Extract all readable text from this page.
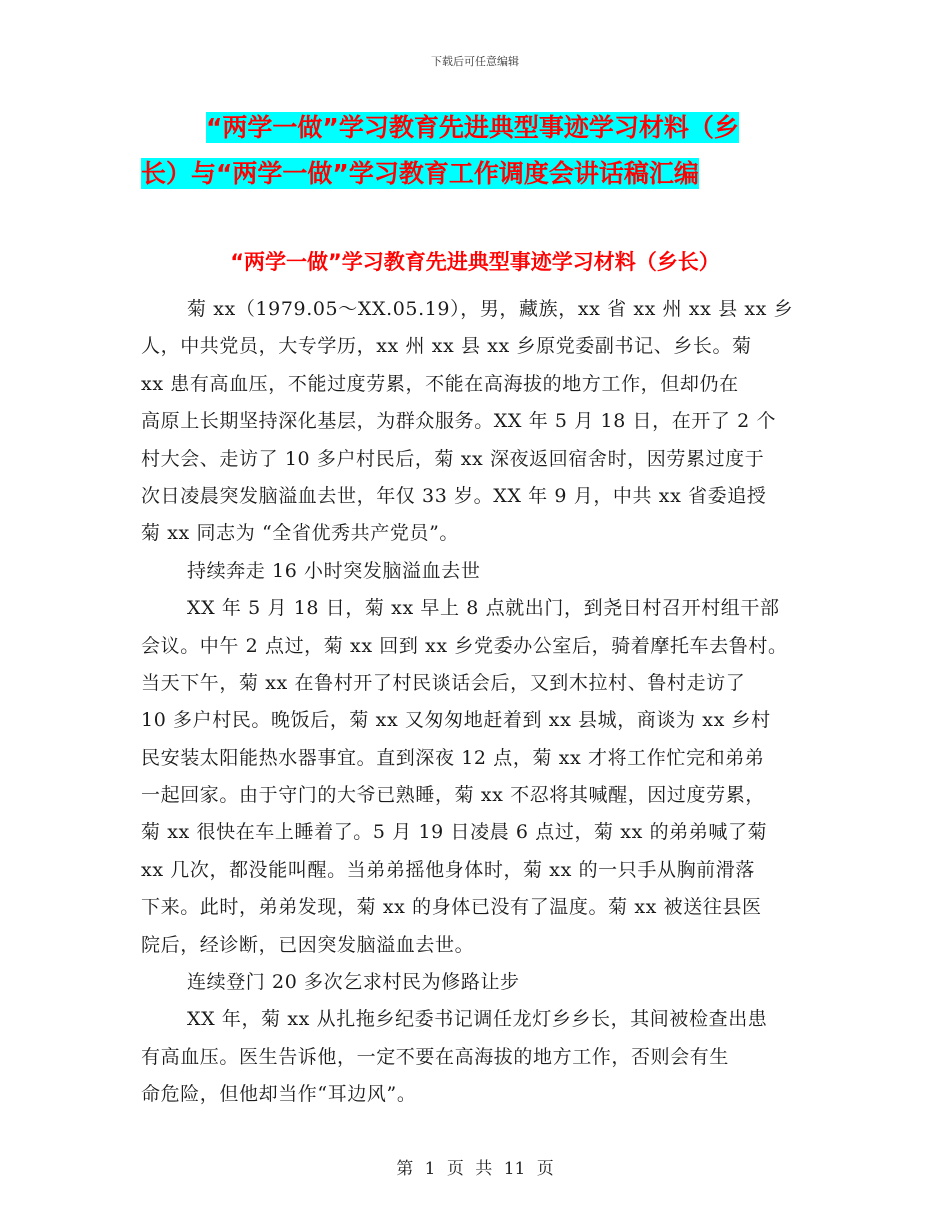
下载后可任意编辑
“两学一做”学习教育先进典型事迹学习材料（乡
长）与“两学一做”学习教育工作调度会讲话稿汇编
“两学一做”学习教育先进典型事迹学习材料（乡长）
菊 xx（1979.05～XX.05.19），男，藏族，xx 省 xx 州 xx 县 xx 乡
人，中共党员，大专学历，xx 州 xx 县 xx 乡原党委副书记、乡长。菊
xx 患有高血压，不能过度劳累，不能在高海拔的地方工作，但却仍在
高原上长期坚持深化基层，为群众服务。XX 年 5 月 18 日，在开了 2 个
村大会、走访了 10 多户村民后，菊 xx 深夜返回宿舍时，因劳累过度于
次日凌晨突发脑溢血去世，年仅 33 岁。XX 年 9 月，中共 xx 省委追授
菊 xx 同志为 “全省优秀共产党员”。
持续奔走 16 小时突发脑溢血去世
XX 年 5 月 18 日，菊 xx 早上 8 点就出门，到尧日村召开村组干部
会议。中午 2 点过，菊 xx 回到 xx 乡党委办公室后，骑着摩托车去鲁村。
当天下午，菊 xx 在鲁村开了村民谈话会后，又到木拉村、鲁村走访了
10 多户村民。晚饭后，菊 xx 又匆匆地赶着到 xx 县城，商谈为 xx 乡村
民安装太阳能热水器事宜。直到深夜 12 点，菊 xx 才将工作忙完和弟弟
一起回家。由于守门的大爷已熟睡，菊 xx 不忍将其喊醒，因过度劳累，
菊 xx 很快在车上睡着了。5 月 19 日凌晨 6 点过，菊 xx 的弟弟喊了菊
xx 几次，都没能叫醒。当弟弟摇他身体时，菊 xx 的一只手从胸前滑落
下来。此时，弟弟发现，菊 xx 的身体已没有了温度。菊 xx 被送往县医
院后，经诊断，已因突发脑溢血去世。
连续登门 20 多次乞求村民为修路让步
XX 年，菊 xx 从扎拖乡纪委书记调任龙灯乡乡长，其间被检查出患
有高血压。医生告诉他，一定不要在高海拔的地方工作，否则会有生
命危险，但他却当作“耳边风”。
第 1 页 共 11 页
